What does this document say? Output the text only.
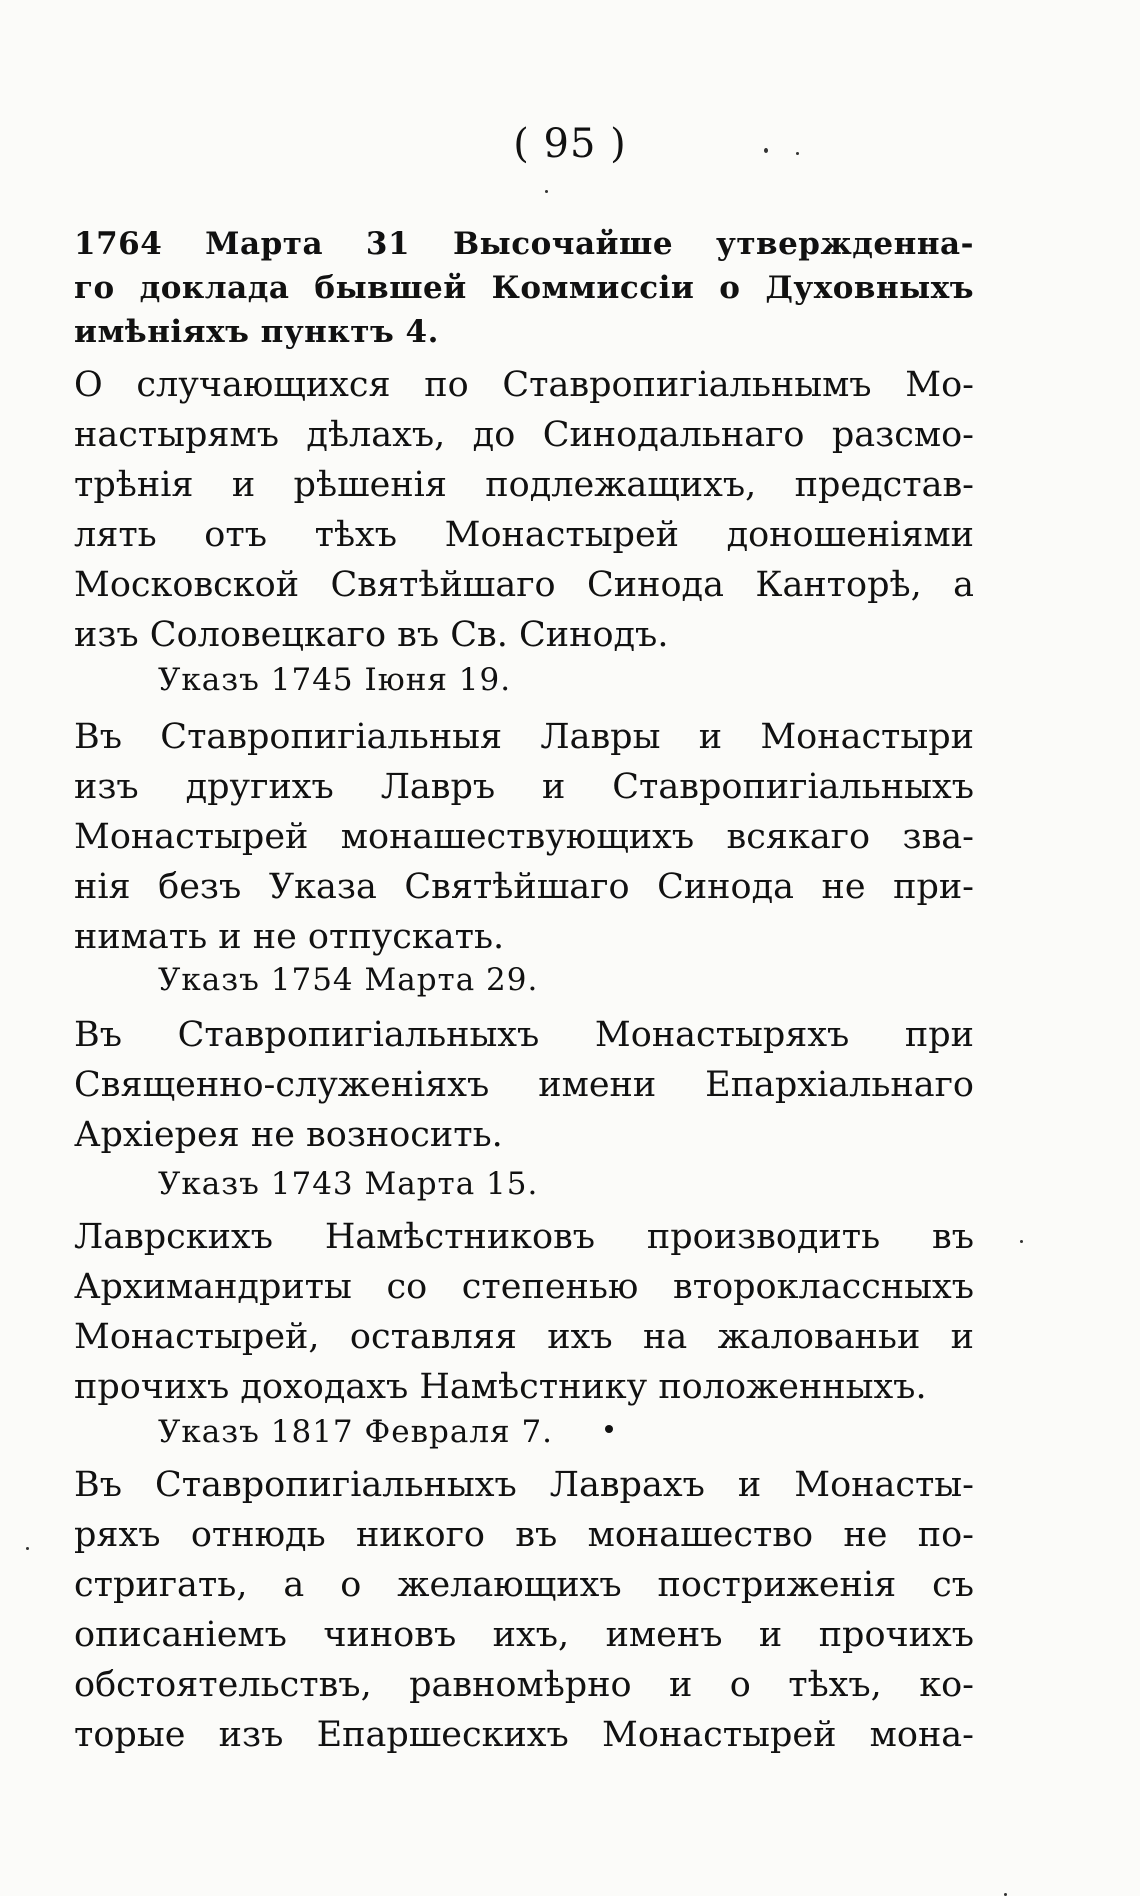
( 95 )
1764 Марта 31 Высочайше утвержденна-
го доклада бывшей Коммиссіи о Духовныхъ
имѣніяхъ пунктъ 4.
О случающихся по Ставропигіальнымъ Мо-
настырямъ дѣлахъ, до Синодальнаго разсмо-
трѣнія и рѣшенія подлежащихъ, представ-
лять отъ тѣхъ Монастырей доношеніями
Московской Святѣйшаго Синода Канторѣ, а
изъ Соловецкаго въ Св. Синодъ.
Указъ 1745 Іюня 19.
Въ Ставропигіальныя Лавры и Монастыри
изъ другихъ Лавръ и Ставропигіальныхъ
Монастырей монашествующихъ всякаго зва-
нія безъ Указа Святѣйшаго Синода не при-
нимать и не отпускать.
Указъ 1754 Марта 29.
Въ Ставропигіальныхъ Монастыряхъ при
Священно-служеніяхъ имени Епархіальнаго
Архіерея не возносить.
Указъ 1743 Марта 15.
Лаврскихъ Намѣстниковъ производить въ
Архимандриты со степенью второклассныхъ
Монастырей, оставляя ихъ на жалованьи и
прочихъ доходахъ Намѣстнику положенныхъ.
Указъ 1817 Февраля 7.
Въ Ставропигіальныхъ Лаврахъ и Монасты-
ряхъ отнюдь никого въ монашество не по-
стригать, а о желающихъ постриженія съ
описаніемъ чиновъ ихъ, именъ и прочихъ
обстоятельствъ, равномѣрно и о тѣхъ, ко-
торые изъ Епаршескихъ Монастырей мона-
